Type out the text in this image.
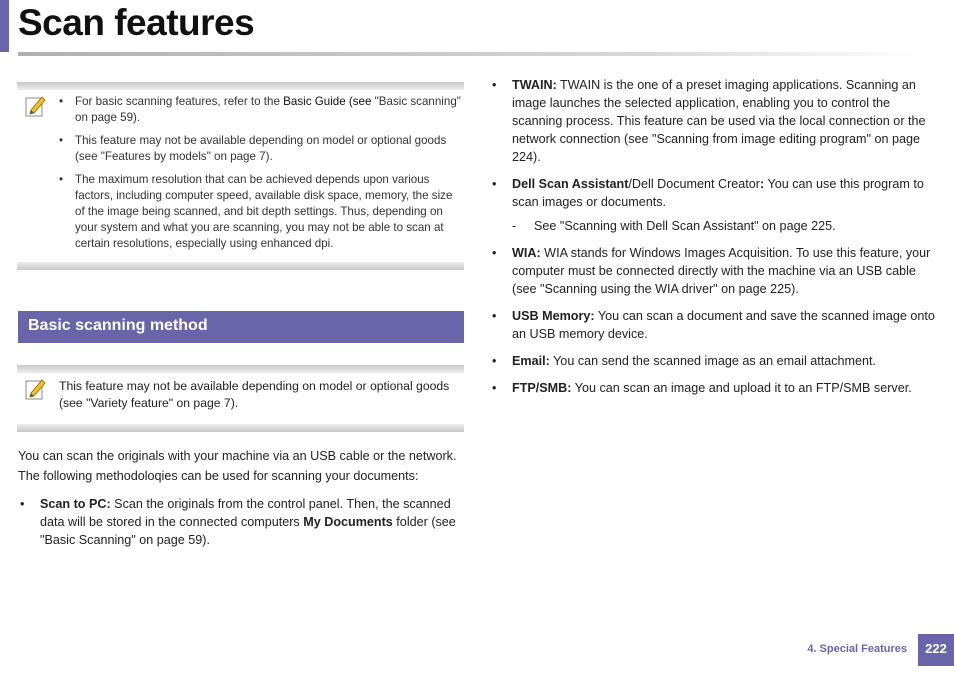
Scan features
• For basic scanning features, refer to the Basic Guide (see "Basic scanning" on page 59).
• This feature may not be available depending on model or optional goods (see "Features by models" on page 7).
• The maximum resolution that can be achieved depends upon various factors, including computer speed, available disk space, memory, the size of the image being scanned, and bit depth settings. Thus, depending on your system and what you are scanning, you may not be able to scan at certain resolutions, especially using enhanced dpi.
Basic scanning method
This feature may not be available depending on model or optional goods (see "Variety feature" on page 7).
You can scan the originals with your machine via an USB cable or the network.
The following methodoloqies can be used for scanning your documents:
• Scan to PC: Scan the originals from the control panel. Then, the scanned data will be stored in the connected computers My Documents folder (see "Basic Scanning" on page 59).
• TWAIN: TWAIN is the one of a preset imaging applications. Scanning an image launches the selected application, enabling you to control the scanning process. This feature can be used via the local connection or the network connection (see "Scanning from image editing program" on page 224).
• Dell Scan Assistant/Dell Document Creator: You can use this program to scan images or documents.
- See "Scanning with Dell Scan Assistant" on page 225.
• WIA: WIA stands for Windows Images Acquisition. To use this feature, your computer must be connected directly with the machine via an USB cable (see "Scanning using the WIA driver" on page 225).
• USB Memory: You can scan a document and save the scanned image onto an USB memory device.
• Email: You can send the scanned image as an email attachment.
• FTP/SMB: You can scan an image and upload it to an FTP/SMB server.
4. Special Features	222
